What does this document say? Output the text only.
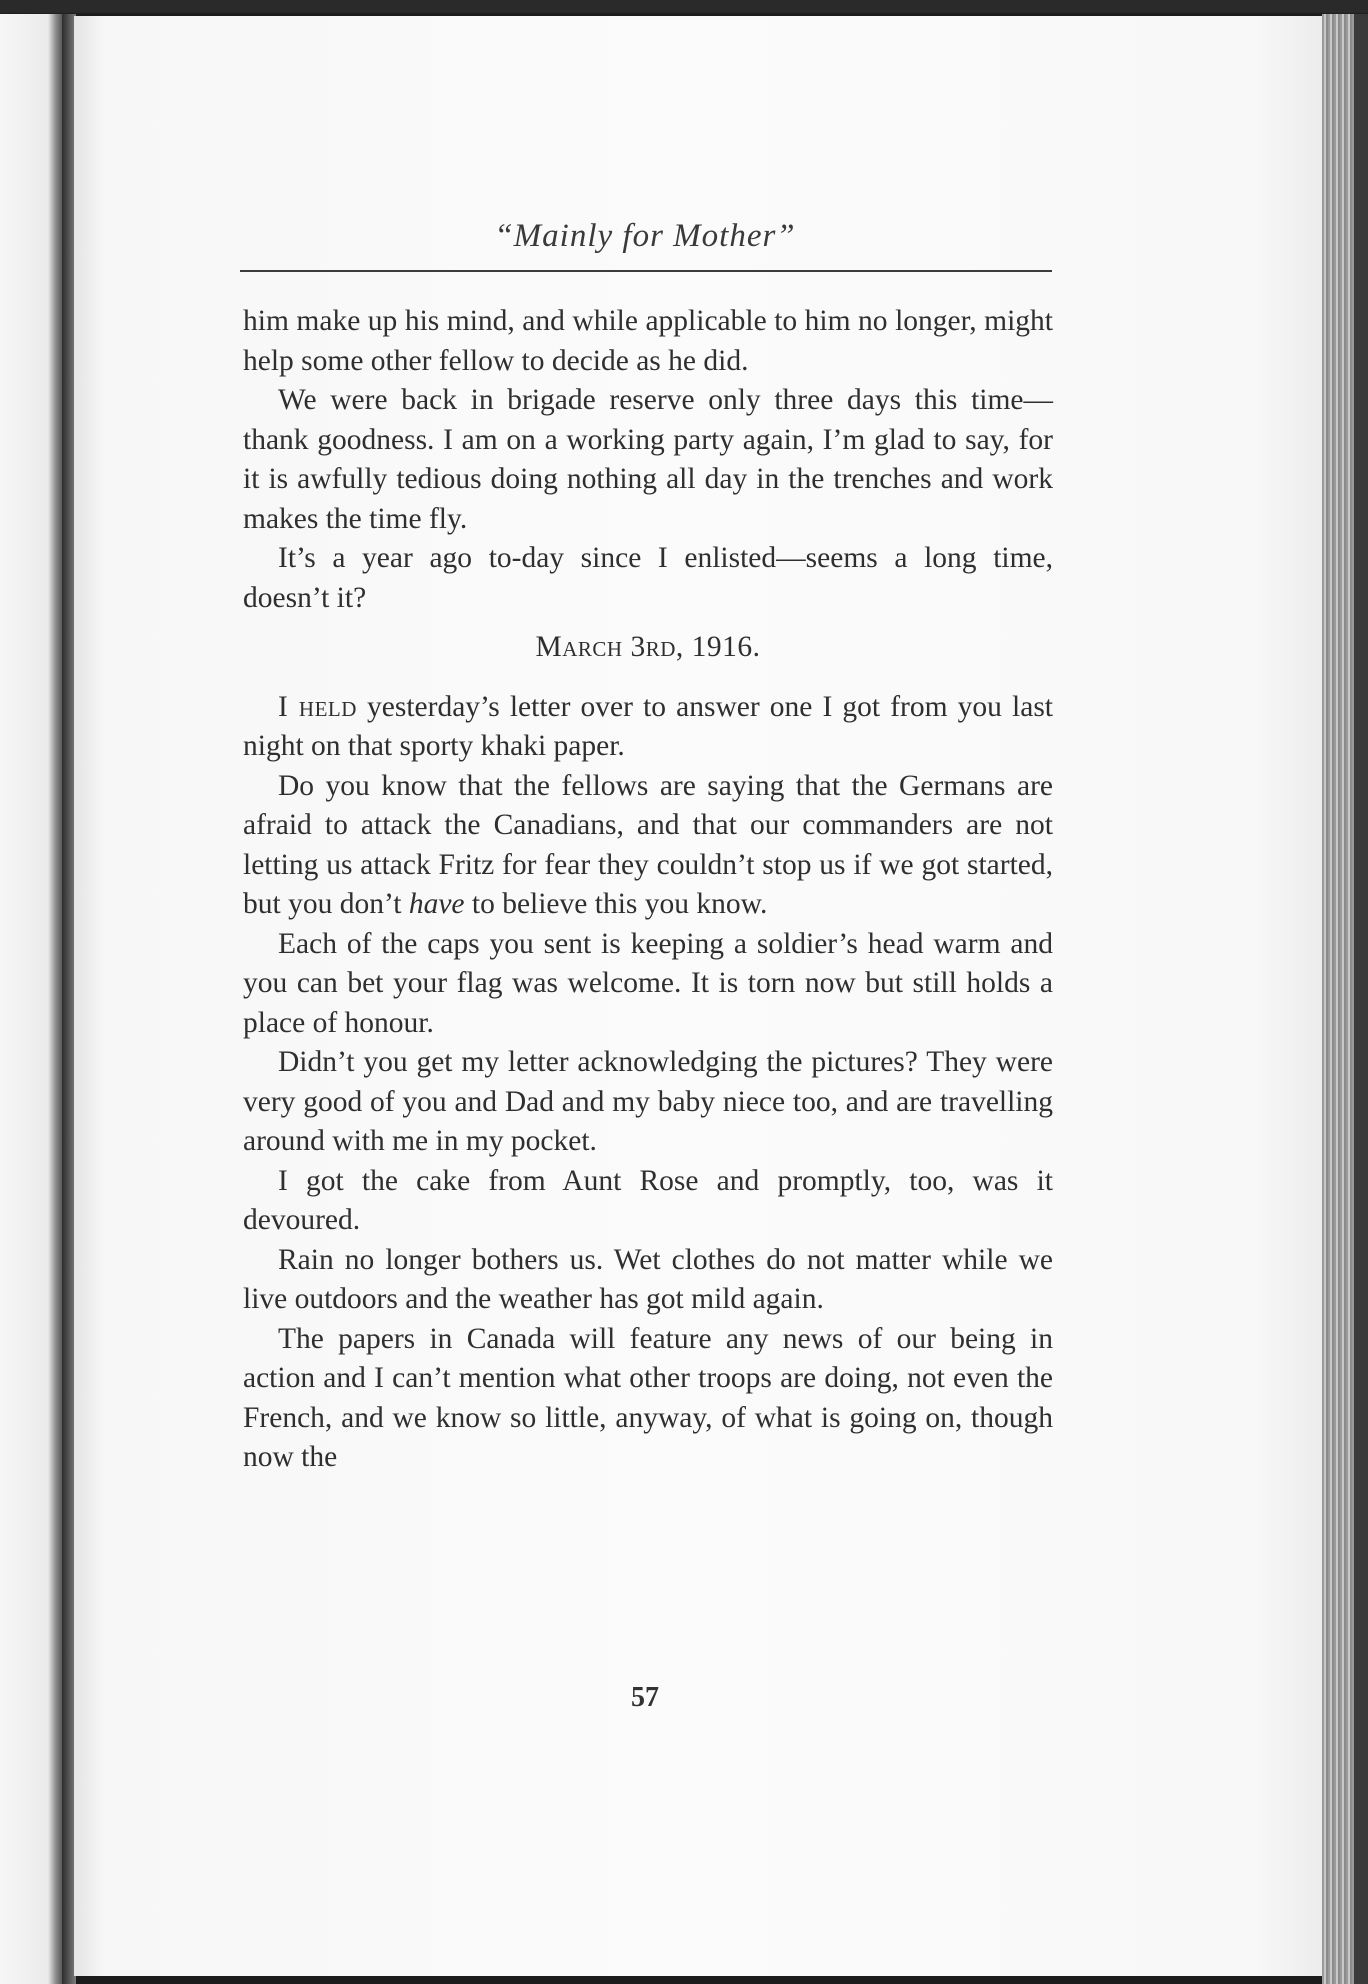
“Mainly for Mother”

him make up his mind, and while applicable to him no longer, might help some other fellow to decide as he did.

We were back in brigade reserve only three days this time—thank goodness. I am on a working party again, I’m glad to say, for it is awfully tedious doing nothing all day in the trenches and work makes the time fly.

It’s a year ago to-day since I enlisted—seems a long time, doesn’t it?

March 3rd, 1916.

I held yesterday’s letter over to answer one I got from you last night on that sporty khaki paper.

Do you know that the fellows are saying that the Germans are afraid to attack the Canadians, and that our commanders are not letting us attack Fritz for fear they couldn’t stop us if we got started, but you don’t have to believe this you know.

Each of the caps you sent is keeping a soldier’s head warm and you can bet your flag was welcome. It is torn now but still holds a place of honour.

Didn’t you get my letter acknowledging the pictures? They were very good of you and Dad and my baby niece too, and are travelling around with me in my pocket.

I got the cake from Aunt Rose and promptly, too, was it devoured.

Rain no longer bothers us. Wet clothes do not matter while we live outdoors and the weather has got mild again.

The papers in Canada will feature any news of our being in action and I can’t mention what other troops are doing, not even the French, and we know so little, anyway, of what is going on, though now the

57
